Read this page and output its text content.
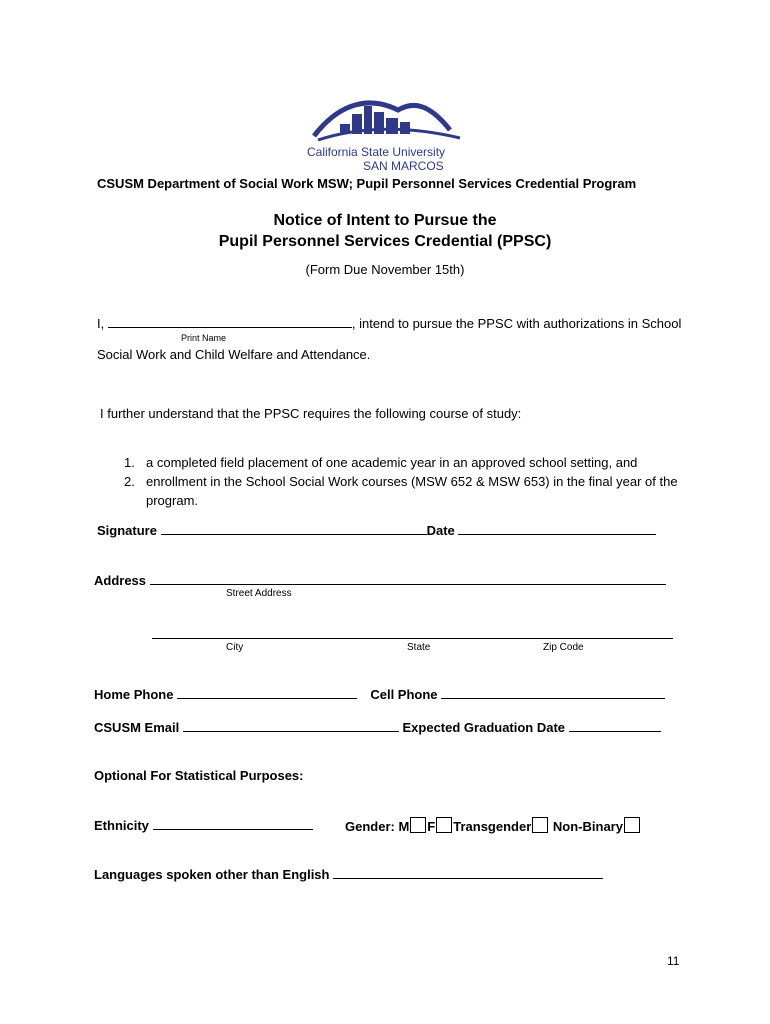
California State University
SAN MARCOS
CSUSM Department of Social Work MSW; Pupil Personnel Services Credential Program
Notice of Intent to Pursue the
Pupil Personnel Services Credential (PPSC)
(Form Due November 15th)
I,	, intend to pursue the PPSC with authorizations in School
Print Name
Social Work and Child Welfare and Attendance.
I further understand that the PPSC requires the following course of study:
1. a completed field placement of one academic year in an approved school setting, and
2. enrollment in the School Social Work courses (MSW 652 & MSW 653) in the final year of the
program.
Signature	Date
Address
Street Address
City	State	Zip Code
Home Phone	Cell Phone
CSUSM Email	Expected Graduation Date
Optional For Statistical Purposes:
Ethnicity	Gender: M F Transgender Non-Binary
Languages spoken other than English
11
